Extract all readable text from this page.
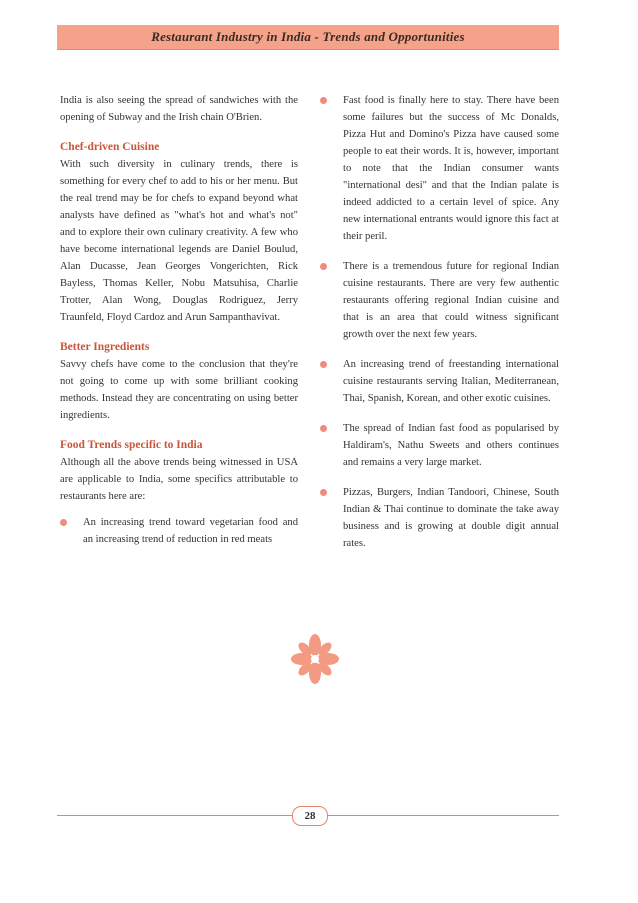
Restaurant Industry in India - Trends and Opportunities

India is also seeing the spread of sandwiches with the opening of Subway and the Irish chain O'Brien.

Chef-driven Cuisine

With such diversity in culinary trends, there is something for every chef to add to his or her menu. But the real trend may be for chefs to expand beyond what analysts have defined as "what's hot and what's not" and to explore their own culinary creativity. A few who have become international legends are Daniel Boulud, Alan Ducasse, Jean Georges Vongerichten, Rick Bayless, Thomas Keller, Nobu Matsuhisa, Charlie Trotter, Alan Wong, Douglas Rodriguez, Jerry Traunfeld, Floyd Cardoz and Arun Sampanthavivat.

Better Ingredients

Savvy chefs have come to the conclusion that they're not going to come up with some brilliant cooking methods. Instead they are concentrating on using better ingredients.

Food Trends specific to India

Although all the above trends being witnessed in USA are applicable to India, some specifics attributable to restaurants here are:

An increasing trend toward vegetarian food and an increasing trend of reduction in red meats
Fast food is finally here to stay. There have been some failures but the success of Mc Donalds, Pizza Hut and Domino's Pizza have caused some people to eat their words. It is, however, important to note that the Indian consumer wants "international desi" and that the Indian palate is indeed addicted to a certain level of spice. Any new international entrants would ignore this fact at their peril.
There is a tremendous future for regional Indian cuisine restaurants. There are very few authentic restaurants offering regional Indian cuisine and that is an area that could witness significant growth over the next few years.
An increasing trend of freestanding international cuisine restaurants serving Italian, Mediterranean, Thai, Spanish, Korean, and other exotic cuisines.
The spread of Indian fast food as popularised by Haldiram's, Nathu Sweets and others continues and remains a very large market.
Pizzas, Burgers, Indian Tandoori, Chinese, South Indian & Thai continue to dominate the take away business and is growing at double digit annual rates.
28
